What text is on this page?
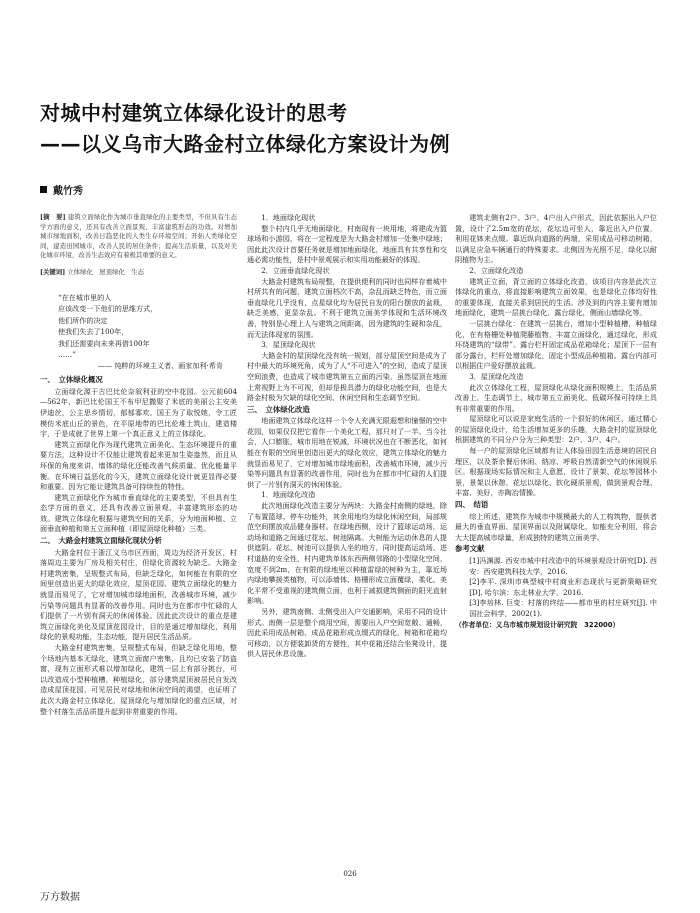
对城中村建筑立体绿化设计的思考
——以义乌市大路金村立体绿化方案设计为例
戴竹秀

[摘　要] 建筑立面绿化作为城市垂直绿化的主要类型，不但具有生态学方面的意义，还具有改善立面景观、丰富建筑形态的功效。对增加城市绿地面积，改善日趋恶化的人类生存环境空间；开拓人类绿化空间，建造田园城市，改善人民的居住条件；提高生活质量，以及对美化城市环境，改善生态效应有着极其重要的意义。

[关键词] 立体绿化　屋顶绿化　生态

“在在城市里的人

应该改变一下他们的思维方式，

他们所作的决定

使我们失去了100年，

我们还需要向未来再借100年

……”

—— 纯粹的环境主义者、画家加利·希肯

一、　立体绿化概况

立面绿化源于古巴比伦奈叙利亚的空中花园。公元前604—562年，新巴比伦国王不布甲尼撒娶了米底的美丽公主安美伊迪丝，公主思乡情切，郁郁寡欢。国王为了取悦她，令工匠模仿米底山丘的景色，在平原地带的巴比伦堆土筑山，建造楼宇，于是成就了世界上第一个真正意义上的立体绿化。

建筑立面绿化作为现代建筑立面美化、生态环境提升的重要方法，这种设计不仅能让建筑看起来更加生姿盎然，而且从环保的角度来讲，墙体的绿化还能改善气候质量、优化能量平衡。在环境日益恶化的今天，建筑立面绿化设计就更显得必要和重要。因为它能让建筑具备可持续性的特性。

建筑立面绿化作为城市垂直绿化的主要类型，不但具有生态学方面的意义，还具有改善立面景观、丰富建筑形态的功效。建筑立体绿化根据与建筑空间的关系，分为地面种植、立面垂直种植和第五立面种植（即屋顶绿化种植）三类。

二、　大路金村建筑立面绿化现状分析

大路金村位于浙江义乌市区西面，周边为经济开发区，村落周边主要为厂房及相关村庄，但绿化资源较为缺乏。大路金村建筑密集，呈规整式布局，但缺乏绿化，如何能在有限的空间里创造出更大的绿化效应，屋顶花园、建筑立面绿化的魅力就显而易见了，它对增加城市绿地面积，改善城市环境，减少污染等问题具有显著的改善作用。同时也为在都市中忙碌的人们提供了一片别有洞天的休闲体验。因此此次设计的重点是建筑立面绿化美化及屋顶花园设计，目的是通过增加绿化，利用绿化的景观功能，生态功能，提升居民生活品质。

大路金村建筑密集，呈规整式布局，但缺乏绿化用地，整个场地内基本无绿化，建筑立面窗户密集，且均已安装了防盗窗，现有立面形式难以增加绿化，建筑一层上有部分挑台，可以改造成小型种植槽，种植绿化，部分建筑屋顶被居民自发改造成屋顶花园，可见居民对绿地和休闲空间的渴望，也证明了此次大路金村立体绿化，屋顶绿化与增加绿化的重点区域，对整个村落生活品质提升起到非常重要的作用。

1．地面绿化现状

整个村内几乎无地面绿化，村南现有一块用地，将建成为篮球场和小游园，将在一定程度是为大路金村增加一处集中绿地；因此此次设计首要任务就是增加地面绿化，地面具有共享性和交通必需功能性，是村中景观展示和实用功能最好的体现。

2．立面垂直绿化现状

大路金村建筑布局规整，在提供便利的同时也同样存着城中村所共有的问题，建筑立面档次不高，杂乱而缺乏特色，而立面垂直绿化几乎没有，点星绿化均为居民自发的阳台摆放的盆栽，缺乏美感，更显杂乱。不利于建筑立面美学体现和生活环境改善，特别是心理上人与建筑之间距离，因为建筑的生硬和杂乱，而无法体现家的氛围。

3．屋顶绿化现状

大路金村的屋顶绿化没有统一规划，部分屋顶空间是成为了村中最大的环境死角，成为了人“不可进入”的空间，造成了屋顶空间浪费，也造成了城市建筑第五立面的污染，虽然屋顶在地面上常视野上为不可视，但却是极具潜力的绿化功能空间，也是大路金村极为欠缺的绿化空间、休闲空间和生态调节空间。

三、　立体绿化改造

地面建筑立体绿化这样一个令人充满无限遐想和憧憬的空中花园，如果仅仅把它看作一个美化工程，那只对了一半。当今社会，人口膨胀，城市用地在锐减，环境状况也在不断恶化，如何能在有限的空间里创造出更大的绿化效应，建筑立体绿化的魅力就显而易见了，它对增加城市绿地面积，改善城市环境，减少污染等问题具有显著的改善作用，同时也为在都市中忙碌的人们提供了一片别有洞天的休闲体验。

1．地面绿化改造

此次地面绿化改造主要分为两块：大路金村南侧的绿地，除了布置篮球、停车功能外，其余用地均为绿化休闲空间，局部规范空间摆放成品健身器材。在绿地西侧，设计了篮球运动场，运动场和道路之间通过花坛、树池隔离。大树能为运动休息的人提供遮阴。花坛、树池可以提供人坐的地方，同时提高运动场、进村道路的安全性，村内建筑单体东西两侧邻路的小型绿化空间，宽度不到2m，在有限的绿地里以种植雷绿的树种为主，靠近场内绿地攀援类植物，可以添墙体、格栅形成立面覆绿，柔化、美化平常不受重视的建筑侧立面，也利于减损建筑侧面的阳光直射影响。

另外，建筑南侧、北侧受出入户交通影响，采用不同的设计形式。南侧一层是整个商用空间，需要出入户空间宽敞、通畅，因此采用成品树箱、成品花箱形成点缀式的绿化，树箱和花箱均可移动，以方便装卸货的方便性，其中花箱还结合坐凳设计，提供人居民休息设施。

建筑北侧有2户、3户、4户出入户形式，因此依据出入户位置，设计了2.5m宽的花坛，花坛边可坐人，靠近出入户位置，利用花钵来点缀。靠近纵向道路的两端，采用成品可移动树箱，以满足应急车辆通行的特殊要求。北侧因为光照不足，绿化以耐阴植物为主。

2．立面绿化改造

建筑正立面，背立面的立体绿化改造，该项目内容是此次立体绿化的重点，将直接影响建筑立面效果，也是绿化立体均好性的重要体现，直接关系到居民的生活。涉及到的内容主要有增加地面绿化，建筑一层挑台绿化、露台绿化，侧面山墙绿化等。

一层挑台绿化：在建筑一层挑台，增加小型种植槽，种植绿化，在有格栅处种植爬藤植物，丰富立面绿化，通过绿化，形成环绕建筑的“绿带”。露台栏杆固定成品花箱绿化；屋顶下一层有部分露台，栏杆处增加绿化，固定小型成品种植箱。露台内部可以根据住户爱好摆放盆栽。

3．屋顶绿化改造

此次立体绿化工程，屋顶绿化从绿化面积规模上，生活品质改善上，生态调节上、城市第五立面美化、低碳环保可持续上具有非常重要的作用。

屋顶绿化可以说是家庭生活的一个很好的休闲区，通过精心的屋顶绿化设计，给生活增加更多的乐趣，大路金村的屋顶绿化根据建筑的不同分户分为三种类型：2户、3户、4户。

每一户的屋顶绿化区域都有让人体验田园生活意境的居民自理区，以及茶余餐后休闲、纳凉、呼吸自然清新空气的休闲娱乐区。根据现场实际情况和主人意愿，设计了景架、花坛等园林小景，景架以休憩、花坛以绿化、软化硬质景观，做到景观合理、丰富、美好，亦陶冶情操。

四、　结语

综上所述，建筑作为城市中规模最大的人工构筑物，提供者最大的垂直界面、屋顶界面以及附属绿化，如能充分利用，将会大大提高城市绿量，形成独特的建筑立面美学。

参考文献

[1]冯渊源. 西安市城中村改造中的环境景观设计研究[D]. 西安：西安建筑科技大学，2016.

[2]李平. 深圳市典型城中村商业形态现状与更新策略研究[D]. 哈尔滨：东北林业大学，2016.

[3]李培林. 巨变：村落的终结——都市里的村庄研究[J]. 中国社会科学，2002(1).

（作者单位：义乌市城市规划设计研究院　322000）

026
万方数据
